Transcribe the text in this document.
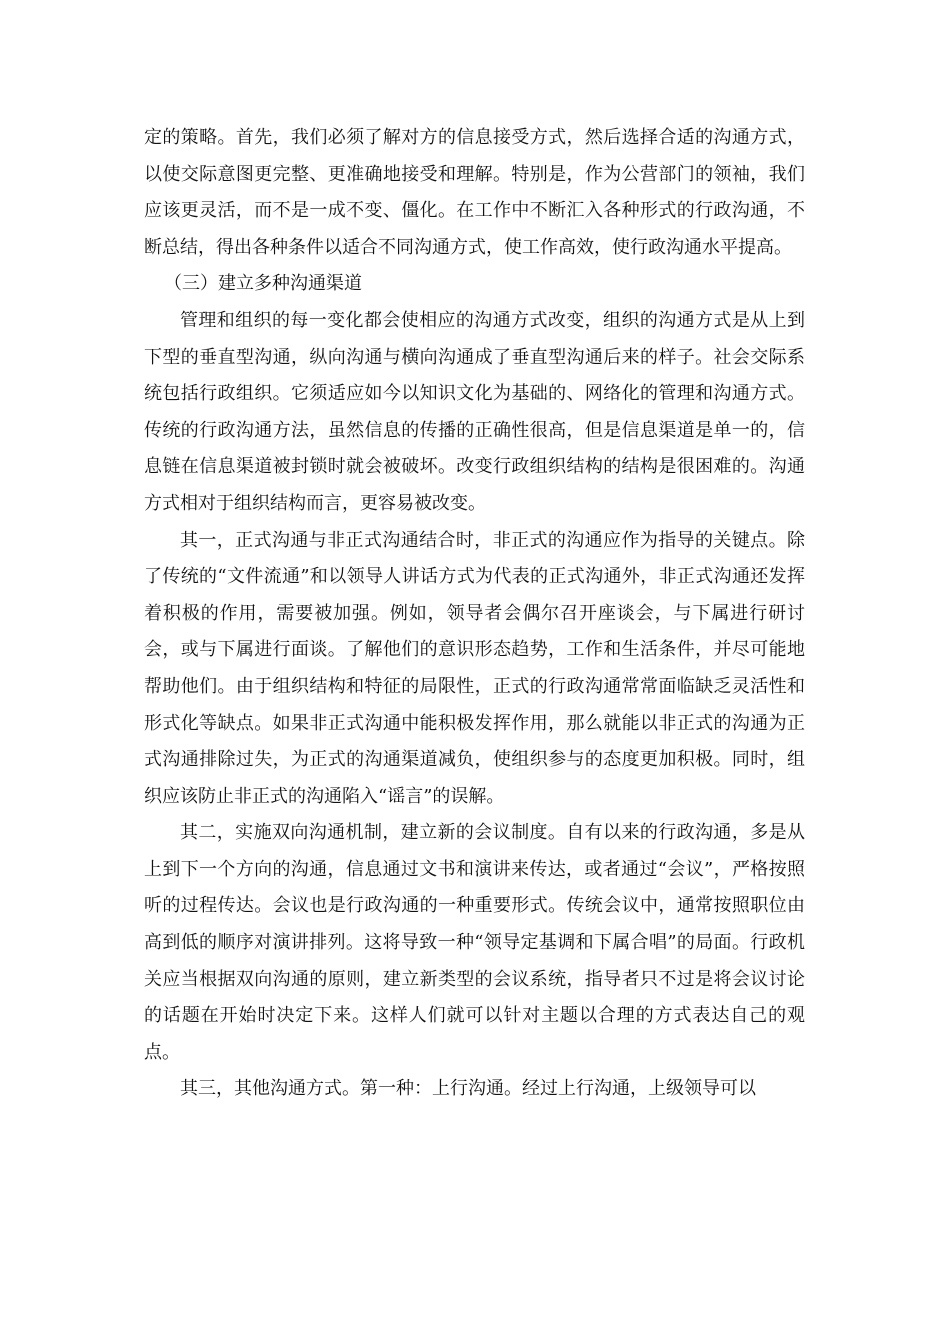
定的策略。首先，我们必须了解对方的信息接受方式，然后选择合适的沟通方式，以使交际意图更完整、更准确地接受和理解。特别是，作为公营部门的领袖，我们应该更灵活，而不是一成不变、僵化。在工作中不断汇入各种形式的行政沟通，不断总结，得出各种条件以适合不同沟通方式，使工作高效，使行政沟通水平提高。

（三）建立多种沟通渠道

管理和组织的每一变化都会使相应的沟通方式改变，组织的沟通方式是从上到下型的垂直型沟通，纵向沟通与横向沟通成了垂直型沟通后来的样子。社会交际系统包括行政组织。它须适应如今以知识文化为基础的、网络化的管理和沟通方式。传统的行政沟通方法，虽然信息的传播的正确性很高，但是信息渠道是单一的，信息链在信息渠道被封锁时就会被破坏。改变行政组织结构的结构是很困难的。沟通方式相对于组织结构而言，更容易被改变。

其一，正式沟通与非正式沟通结合时，非正式的沟通应作为指导的关键点。除了传统的“文件流通”和以领导人讲话方式为代表的正式沟通外，非正式沟通还发挥着积极的作用，需要被加强。例如，领导者会偶尔召开座谈会，与下属进行研讨会，或与下属进行面谈。了解他们的意识形态趋势，工作和生活条件，并尽可能地帮助他们。由于组织结构和特征的局限性，正式的行政沟通常常面临缺乏灵活性和形式化等缺点。如果非正式沟通中能积极发挥作用，那么就能以非正式的沟通为正式沟通排除过失，为正式的沟通渠道减负，使组织参与的态度更加积极。同时，组织应该防止非正式的沟通陷入“谣言”的误解。

其二，实施双向沟通机制，建立新的会议制度。自有以来的行政沟通，多是从上到下一个方向的沟通，信息通过文书和演讲来传达，或者通过“会议”，严格按照听的过程传达。会议也是行政沟通的一种重要形式。传统会议中，通常按照职位由高到低的顺序对演讲排列。这将导致一种“领导定基调和下属合唱”的局面。行政机关应当根据双向沟通的原则，建立新类型的会议系统，指导者只不过是将会议讨论的话题在开始时决定下来。这样人们就可以针对主题以合理的方式表达自己的观点。

其三，其他沟通方式。第一种：上行沟通。经过上行沟通，上级领导可以
